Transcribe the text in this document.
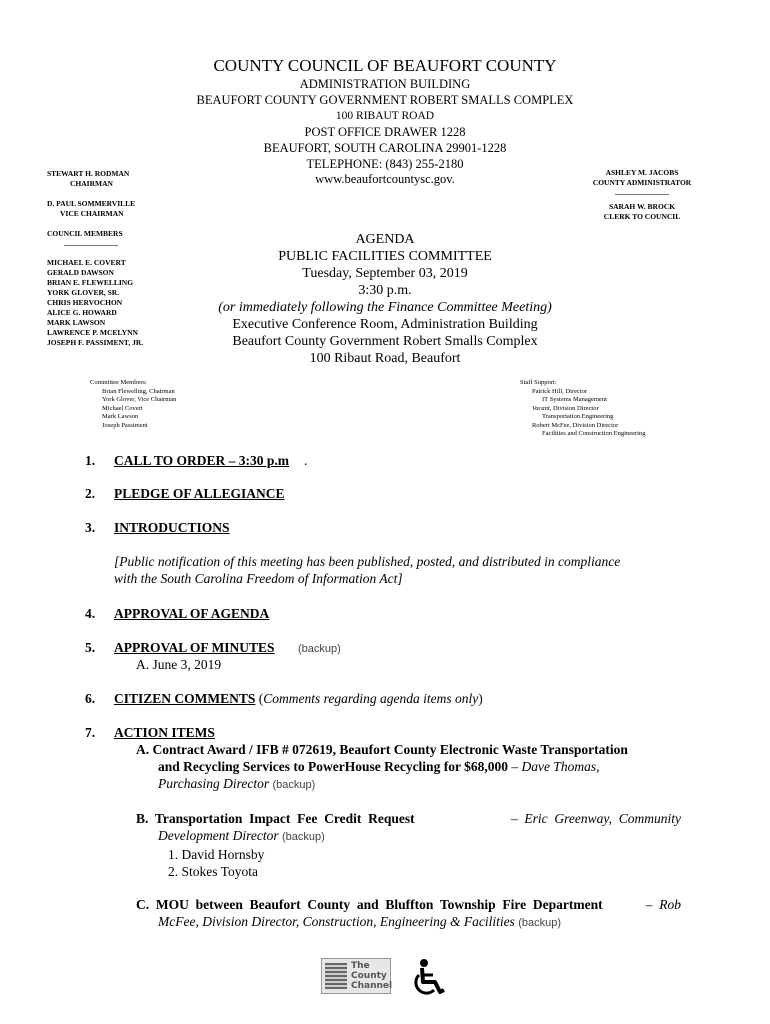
COUNTY COUNCIL OF BEAUFORT COUNTY
ADMINISTRATION BUILDING
BEAUFORT COUNTY GOVERNMENT ROBERT SMALLS COMPLEX
100 RIBAUT ROAD
POST OFFICE DRAWER 1228
BEAUFORT, SOUTH CAROLINA 29901-1228
TELEPHONE: (843) 255-2180
www.beaufortcountysc.gov.
STEWART H. RODMAN
CHAIRMAN
D. PAUL SOMMERVILLE
VICE CHAIRMAN
COUNCIL MEMBERS
MICHAEL E. COVERT
GERALD DAWSON
BRIAN E. FLEWELLING
YORK GLOVER, SR.
CHRIS HERVOCHON
ALICE G. HOWARD
MARK LAWSON
LAWRENCE P. MCELYNN
JOSEPH F. PASSIMENT, JR.
ASHLEY M. JACOBS
COUNTY ADMINISTRATOR
SARAH W. BROCK
CLERK TO COUNCIL
AGENDA
PUBLIC FACILITIES COMMITTEE
Tuesday, September 03, 2019
3:30 p.m.
(or immediately following the Finance Committee Meeting)
Executive Conference Room, Administration Building
Beaufort County Government Robert Smalls Complex
100 Ribaut Road, Beaufort
Committee Members:
Brian Flewelling, Chairman
York Glover, Vice Chairman
Michael Covert
Mark Lawson
Joseph Passiment
Staff Support:
Patrick Hill, Director
IT Systems Management
Vacant, Division Director
Transportation Engineering
Robert McFee, Division Director
Facilities and Construction Engineering
1. CALL TO ORDER – 3:30 p.m .
2. PLEDGE OF ALLEGIANCE
3. INTRODUCTIONS
[Public notification of this meeting has been published, posted, and distributed in compliance
with the South Carolina Freedom of Information Act]
4. APPROVAL OF AGENDA
5. APPROVAL OF MINUTES (backup)
A. June 3, 2019
6. CITIZEN COMMENTS (Comments regarding agenda items only)
7. ACTION ITEMS
A. Contract Award / IFB # 072619, Beaufort County Electronic Waste Transportation
and Recycling Services to PowerHouse Recycling for $68,000 – Dave Thomas,
Purchasing Director (backup)
B.  Transportation  Impact  Fee  Credit  Request	–  Eric  Greenway,  Community
Development Director (backup)
1. David Hornsby
2. Stokes Toyota
C.  MOU  between  Beaufort  County  and  Bluffton  Township  Fire  Department	–  Rob
McFee, Division Director, Construction, Engineering & Facilities (backup)
The
County
Channel
